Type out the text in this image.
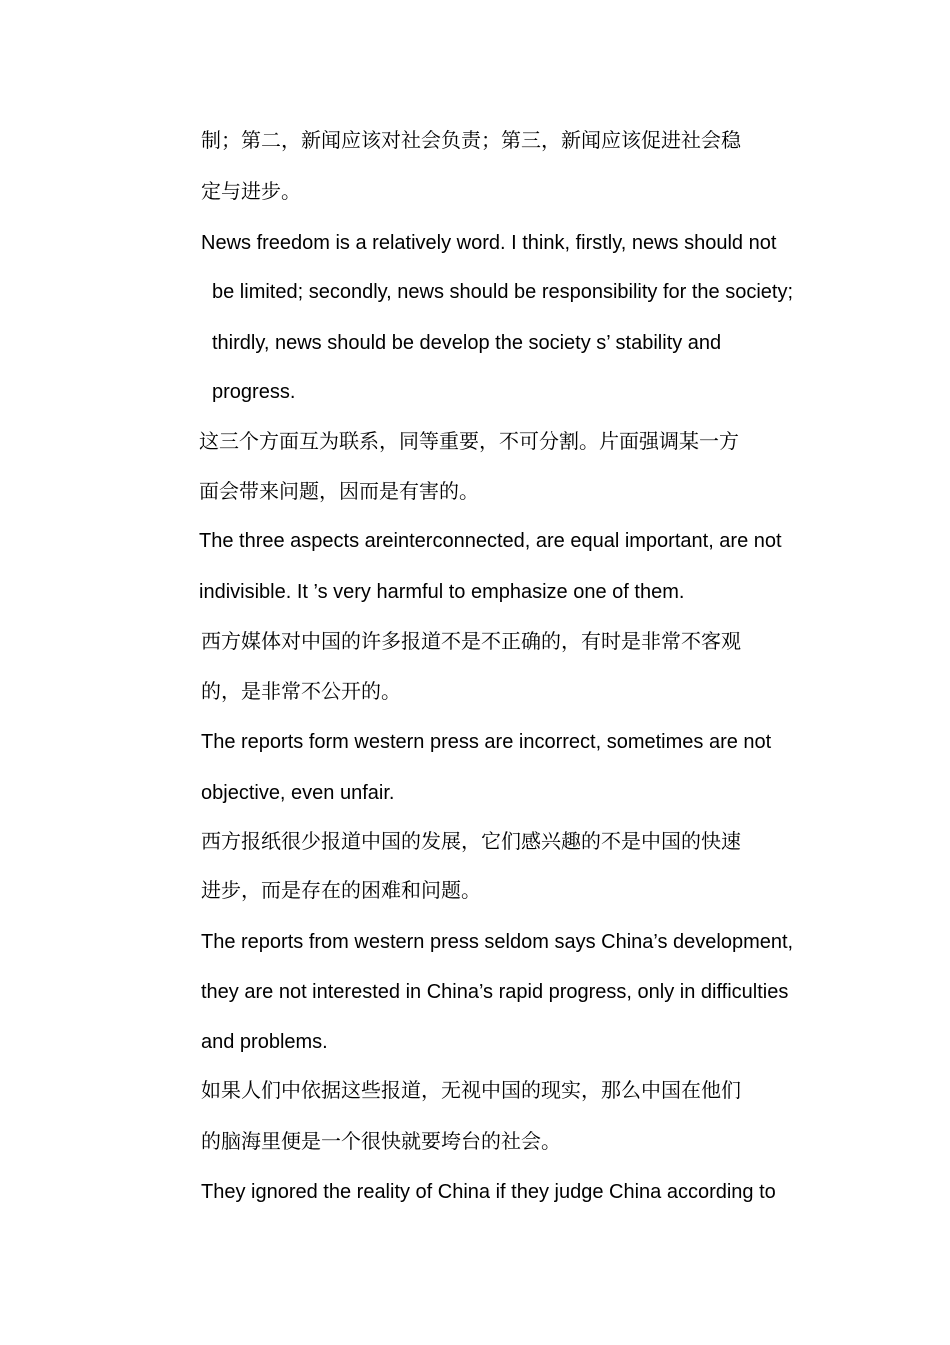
制；第二，新闻应该对社会负责；第三，新闻应该促进社会稳
定与进步。
News freedom is a relatively word. I think, firstly, news should not
be limited; secondly, news should be responsibility for the society;
thirdly, news should be develop the society s’ stability and
progress.
这三个方面互为联系，同等重要，不可分割。片面强调某一方
面会带来问题，因而是有害的。
The three aspects areinterconnected, are equal important, are not
indivisible. It ’s very harmful to emphasize one of them.
西方媒体对中国的许多报道不是不正确的，有时是非常不客观
的，是非常不公开的。
The reports form western press are incorrect, sometimes are not
objective, even unfair.
西方报纸很少报道中国的发展，它们感兴趣的不是中国的快速
进步，而是存在的困难和问题。
The reports from western press seldom says China’s development,
they are not interested in China’s rapid progress, only in difficulties
and problems.
如果人们中依据这些报道，无视中国的现实，那么中国在他们
的脑海里便是一个很快就要垮台的社会。
They ignored the reality of China if they judge China according to
